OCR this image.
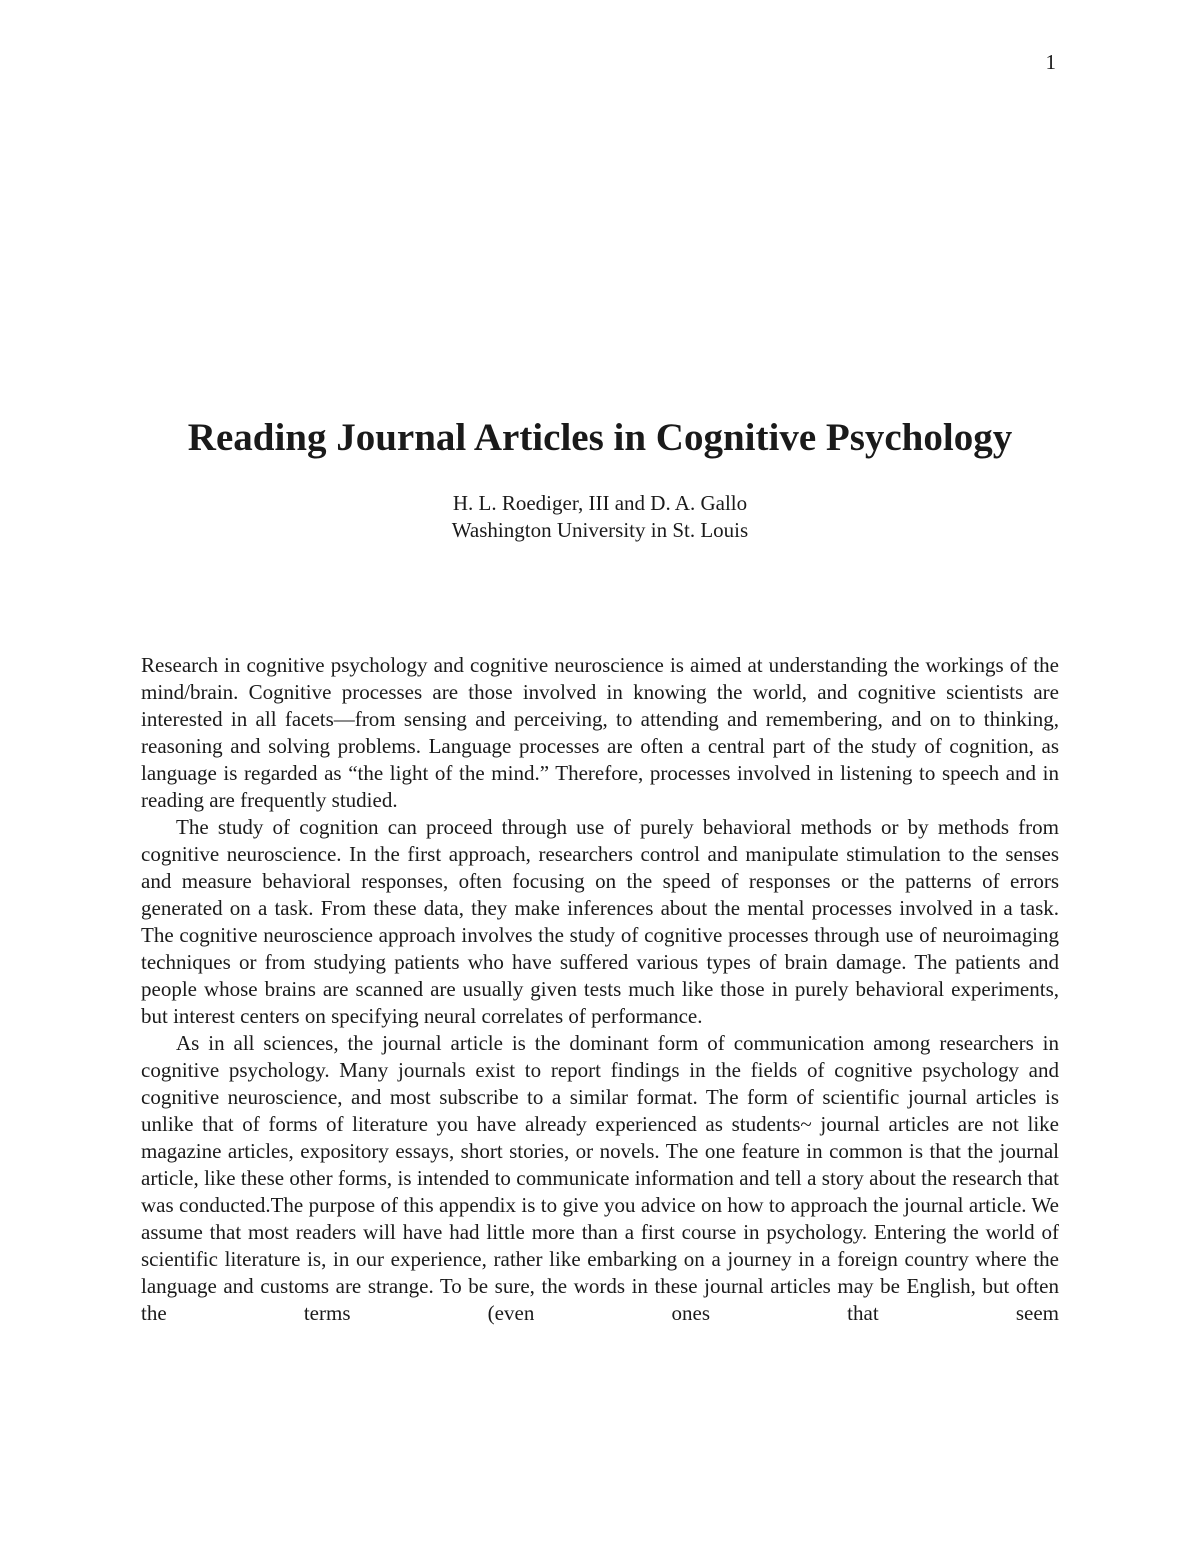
1
Reading Journal Articles in Cognitive Psychology
H. L. Roediger, III and D. A. Gallo
Washington University in St. Louis

Research in cognitive psychology and cognitive neuroscience is aimed at understanding the workings of the mind/brain. Cognitive processes are those involved in knowing the world, and cognitive scientists are interested in all facets—from sensing and perceiving, to attending and remembering, and on to thinking, reasoning and solving problems. Language processes are often a central part of the study of cognition, as language is regarded as “the light of the mind.” Therefore, processes involved in listening to speech and in reading are frequently studied.

The study of cognition can proceed through use of purely behavioral methods or by methods from cognitive neuroscience. In the first approach, researchers control and manipulate stimulation to the senses and measure behavioral responses, often focusing on the speed of responses or the patterns of errors generated on a task. From these data, they make inferences about the mental processes involved in a task. The cognitive neuroscience approach involves the study of cognitive processes through use of neuroimaging techniques or from studying patients who have suffered various types of brain damage. The patients and people whose brains are scanned are usually given tests much like those in purely behavioral experiments, but interest centers on specifying neural correlates of performance.

As in all sciences, the journal article is the dominant form of communication among researchers in cognitive psychology. Many journals exist to report findings in the fields of cognitive psychology and cognitive neuroscience, and most subscribe to a similar format. The form of scientific journal articles is unlike that of forms of literature you have already experienced as students~ journal articles are not like magazine articles, expository essays, short stories, or novels. The one feature in common is that the journal article, like these other forms, is intended to communicate information and tell a story about the research that was conducted.The purpose of this appendix is to give you advice on how to approach the journal article. We assume that most readers will have had little more than a first course in psychology. Entering the world of scientific literature is, in our experience, rather like embarking on a journey in a foreign country where the language and customs are strange. To be sure, the words in these journal articles may be English, but often the terms (even ones that seem
